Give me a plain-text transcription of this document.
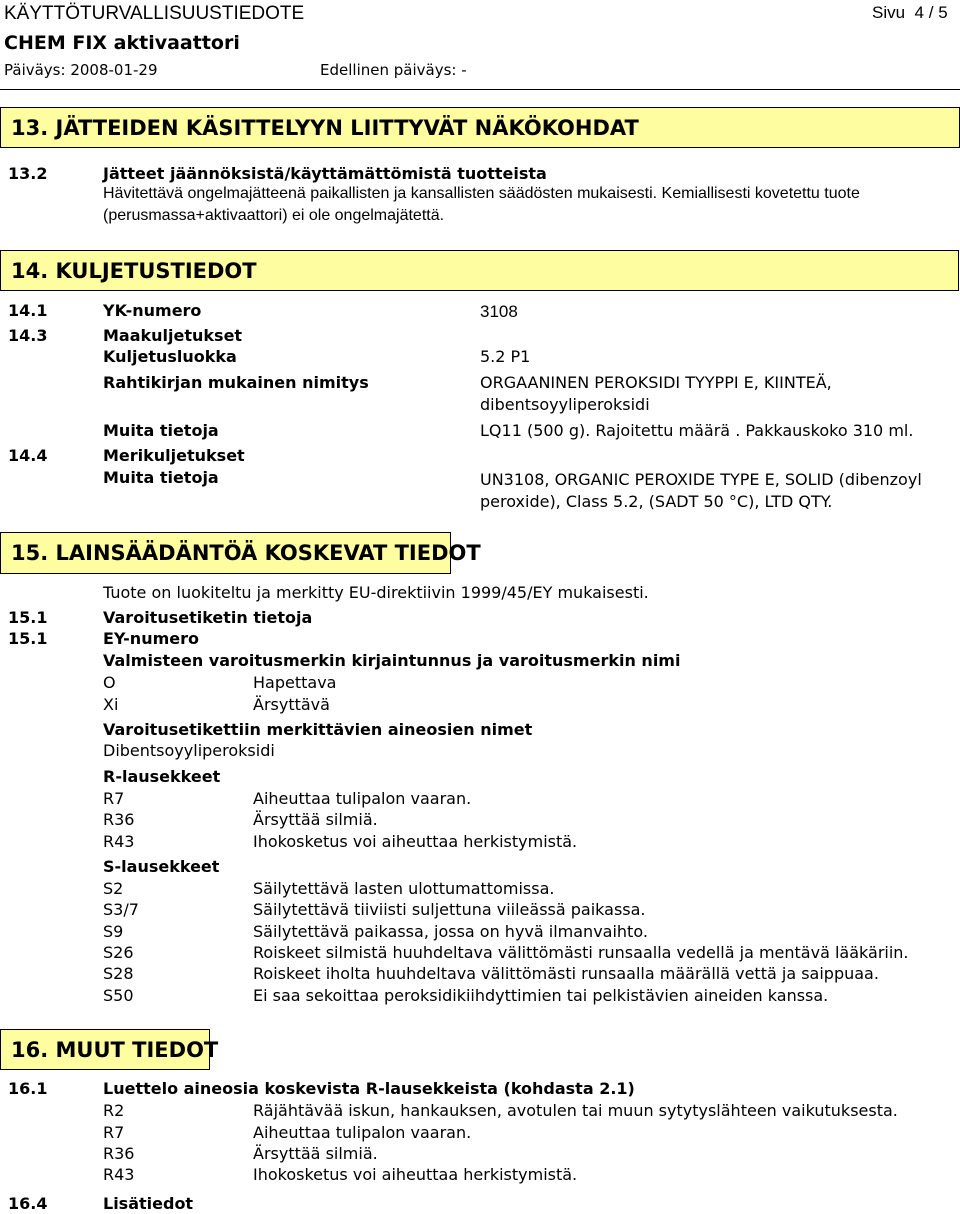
KÄYTTÖTURVALLISUUSTIEDOTE	Sivu 4 / 5
CHEM FIX aktivaattori
Päiväys: 2008-01-29	Edellinen päiväys: -
13. JÄTTEIDEN KÄSITTELYYN LIITTYVÄT NÄKÖKOHDAT
13.2	Jätteet jäännöksistä/käyttämättömistä tuotteista
Hävitettävä ongelmajätteenä paikallisten ja kansallisten säädösten mukaisesti. Kemiallisesti kovetettu tuote
(perusmassa+aktivaattori) ei ole ongelmajätettä.
14. KULJETUSTIEDOT
14.1	YK-numero	3108
14.3	Maakuljetukset
Kuljetusluokka	5.2 P1
Rahtikirjan mukainen nimitys	ORGAANINEN PEROKSIDI TYYPPI E, KIINTEÄ,
dibentsoyyliperoksidi
Muita tietoja	LQ11 (500 g). Rajoitettu määrä . Pakkauskoko 310 ml.
14.4	Merikuljetukset
Muita tietoja	UN3108, ORGANIC PEROXIDE TYPE E, SOLID (dibenzoyl
peroxide), Class 5.2, (SADT 50 °C), LTD QTY.
15. LAINSÄÄDÄNTÖÄ KOSKEVAT TIEDOT
Tuote on luokiteltu ja merkitty EU-direktiivin 1999/45/EY mukaisesti.
15.1	Varoitusetiketin tietoja
15.1	EY-numero
Valmisteen varoitusmerkin kirjaintunnus ja varoitusmerkin nimi
O	Hapettava
Xi	Ärsyttävä
Varoitusetikettiin merkittävien aineosien nimet
Dibentsoyyliperoksidi
R-lausekkeet
R7	Aiheuttaa tulipalon vaaran.
R36	Ärsyttää silmiä.
R43	Ihokosketus voi aiheuttaa herkistymistä.
S-lausekkeet
S2	Säilytettävä lasten ulottumattomissa.
S3/7	Säilytettävä tiiviisti suljettuna viileässä paikassa.
S9	Säilytettävä paikassa, jossa on hyvä ilmanvaihto.
S26	Roiskeet silmistä huuhdeltava välittömästi runsaalla vedellä ja mentävä lääkäriin.
S28	Roiskeet iholta huuhdeltava välittömästi runsaalla määrällä vettä ja saippuaa.
S50	Ei saa sekoittaa peroksidikiihdyttimien tai pelkistävien aineiden kanssa.
16. MUUT TIEDOT
16.1	Luettelo aineosia koskevista R-lausekkeista (kohdasta 2.1)
R2	Räjähtävää iskun, hankauksen, avotulen tai muun sytytyslähteen vaikutuksesta.
R7	Aiheuttaa tulipalon vaaran.
R36	Ärsyttää silmiä.
R43	Ihokosketus voi aiheuttaa herkistymistä.
16.4	Lisätiedot
